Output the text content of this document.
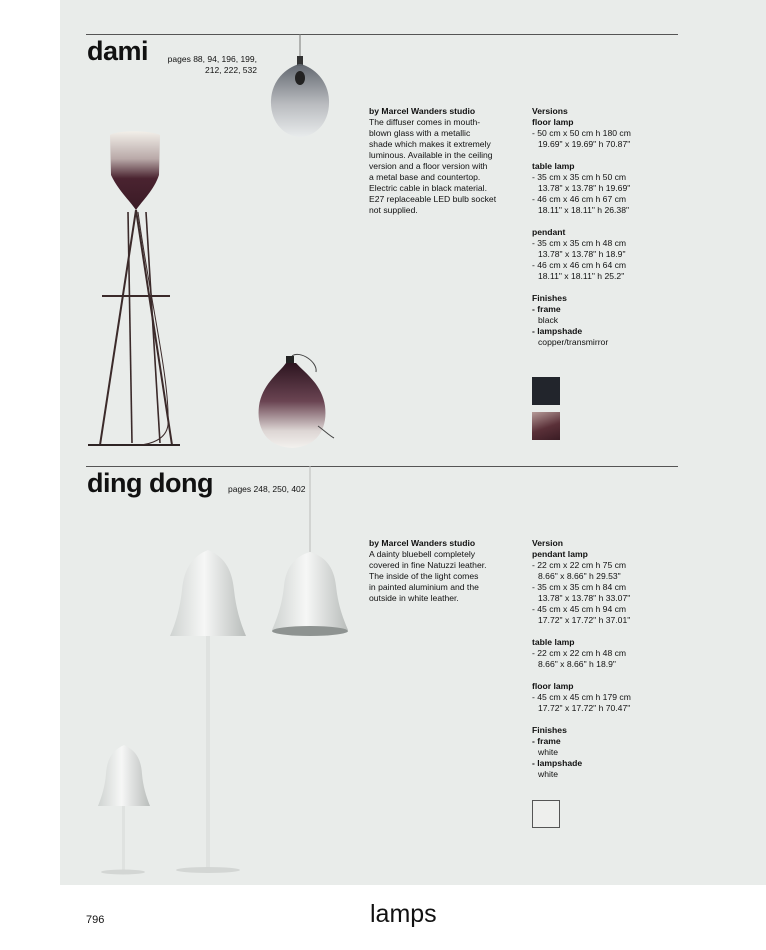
dami	pages 88, 94, 196, 199,
212, 222, 532
by Marcel Wanders studio
The diffuser comes in mouth-
blown glass with a metallic
shade which makes it extremely
luminous. Available in the ceiling
version and a floor version with
a metal base and countertop.
Electric cable in black material.
E27 replaceable LED bulb socket
not supplied.
Versions
floor lamp
- 50 cm x 50 cm h 180 cm
19.69" x 19.69" h 70.87"
table lamp
- 35 cm x 35 cm h 50 cm
13.78" x 13.78" h 19.69"
- 46 cm x 46 cm h 67 cm
18.11" x 18.11" h 26.38"
pendant
- 35 cm x 35 cm h 48 cm
13.78" x 13.78" h 18.9"
- 46 cm x 46 cm h 64 cm
18.11" x 18.11" h 25.2"
Finishes
- frame
black
- lampshade
copper/transmirror
ding dong pages 248, 250, 402
by Marcel Wanders studio
A dainty bluebell completely
covered in fine Natuzzi leather.
The inside of the light comes
in painted aluminium and the
outside in white leather.
Version
pendant lamp
- 22 cm x 22 cm h 75 cm
8.66" x 8.66" h 29.53"
- 35 cm x 35 cm h 84 cm
13.78" x 13.78" h 33.07"
- 45 cm x 45 cm h 94 cm
17.72" x 17.72" h 37.01"
table lamp
- 22 cm x 22 cm h 48 cm
8.66" x 8.66" h 18.9"
floor lamp
- 45 cm x 45 cm h 179 cm
17.72" x 17.72" h 70.47"
Finishes
- frame
white
- lampshade
white
796	lamps
